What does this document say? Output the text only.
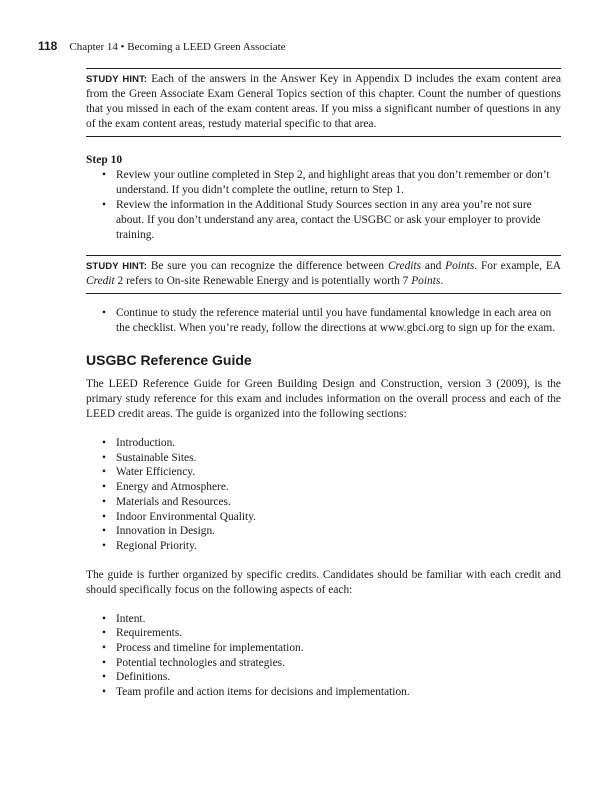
118 Chapter 14 • Becoming a LEED Green Associate
STUDY HINT: Each of the answers in the Answer Key in Appendix D includes the exam content area from the Green Associate Exam General Topics section of this chapter. Count the number of questions that you missed in each of the exam content areas. If you miss a significant number of questions in any of the exam content areas, restudy material specific to that area.
Step 10
• Review your outline completed in Step 2, and highlight areas that you don’t remember or don’t understand. If you didn’t complete the outline, return to Step 1.
• Review the information in the Additional Study Sources section in any area you’re not sure about. If you don’t understand any area, contact the USGBC or ask your employer to provide training.
STUDY HINT: Be sure you can recognize the difference between Credits and Points. For example, EA Credit 2 refers to On-site Renewable Energy and is potentially worth 7 Points.
• Continue to study the reference material until you have fundamental knowledge in each area on the checklist. When you’re ready, follow the directions at www.gbci.org to sign up for the exam.
USGBC Reference Guide

The LEED Reference Guide for Green Building Design and Construction, version 3 (2009), is the primary study reference for this exam and includes information on the overall process and each of the LEED credit areas. The guide is organized into the following sections:

• Introduction.
• Sustainable Sites.
• Water Efficiency.
• Energy and Atmosphere.
• Materials and Resources.
• Indoor Environmental Quality.
• Innovation in Design.
• Regional Priority.

The guide is further organized by specific credits. Candidates should be familiar with each credit and should specifically focus on the following aspects of each:

• Intent.
• Requirements.
• Process and timeline for implementation.
• Potential technologies and strategies.
• Definitions.
• Team profile and action items for decisions and implementation.
